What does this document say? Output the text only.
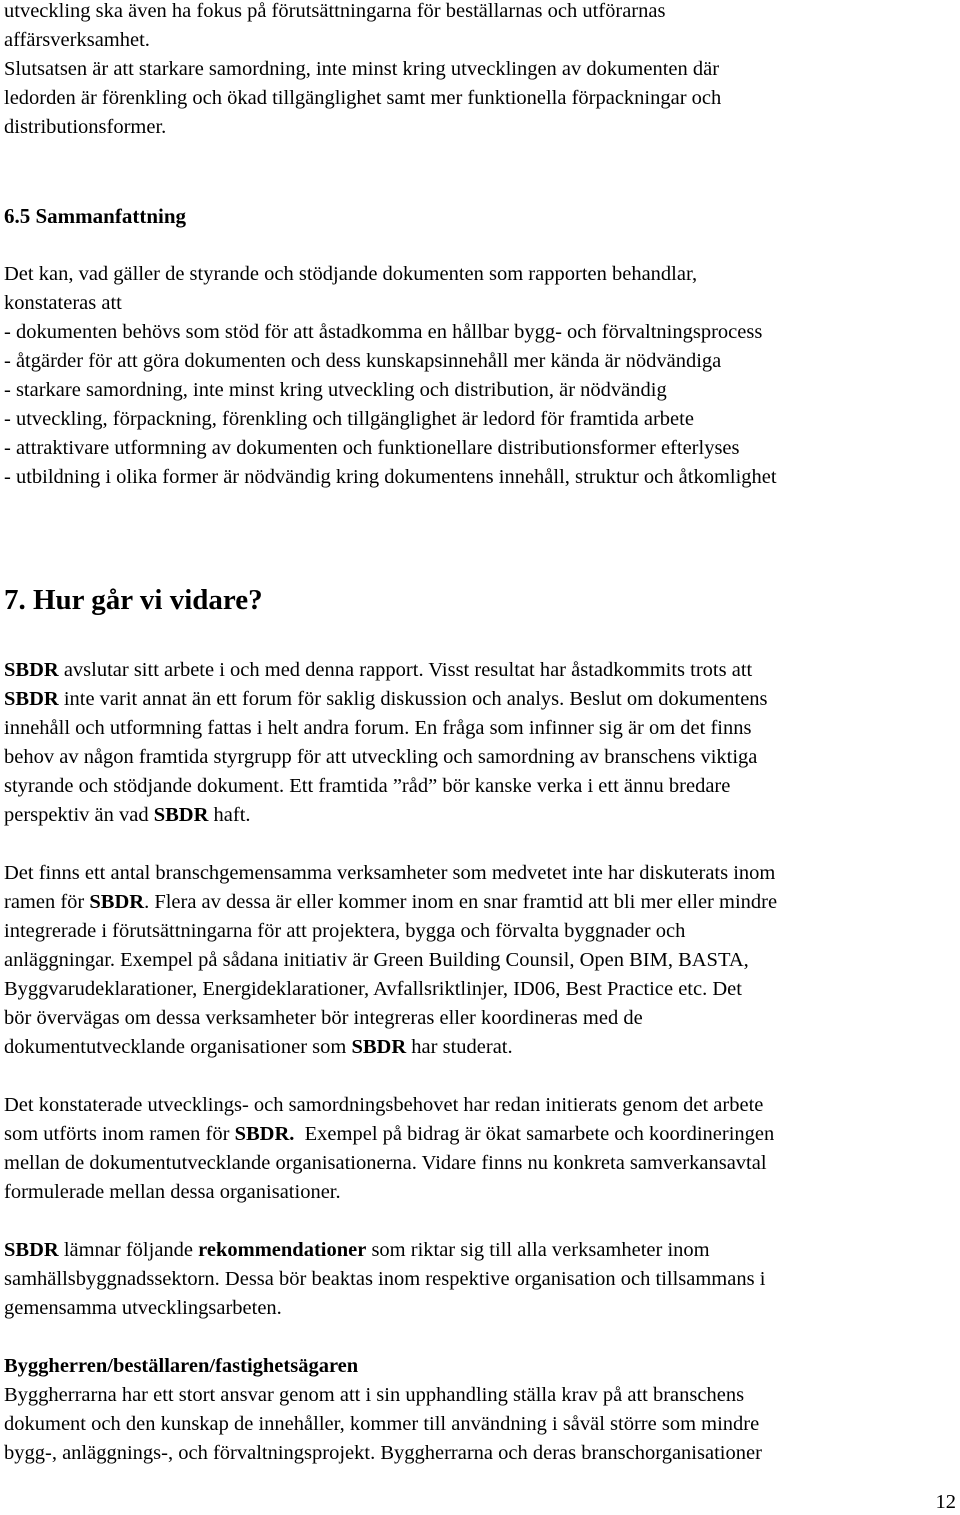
utveckling ska även ha fokus på förutsättningarna för beställarnas och utförarnas
affärsverksamhet.
Slutsatsen är att starkare samordning, inte minst kring utvecklingen av dokumenten där
ledorden är förenkling och ökad tillgänglighet samt mer funktionella förpackningar och
distributionsformer.

6.5 Sammanfattning

Det kan, vad gäller de styrande och stödjande dokumenten som rapporten behandlar,
konstateras att

- dokumenten behövs som stöd för att åstadkomma en hållbar bygg- och förvaltningsprocess
- åtgärder för att göra dokumenten och dess kunskapsinnehåll mer kända är nödvändiga
- starkare samordning, inte minst kring utveckling och distribution, är nödvändig
- utveckling, förpackning, förenkling och tillgänglighet är ledord för framtida arbete
- attraktivare utformning av dokumenten och funktionellare distributionsformer efterlyses
- utbildning i olika former är nödvändig kring dokumentens innehåll, struktur och åtkomlighet
7. Hur går vi vidare?

SBDR avslutar sitt arbete i och med denna rapport. Visst resultat har åstadkommits trots att
SBDR inte varit annat än ett forum för saklig diskussion och analys. Beslut om dokumentens
innehåll och utformning fattas i helt andra forum. En fråga som infinner sig är om det finns
behov av någon framtida styrgrupp för att utveckling och samordning av branschens viktiga
styrande och stödjande dokument. Ett framtida ”råd” bör kanske verka i ett ännu bredare
perspektiv än vad SBDR haft.

Det finns ett antal branschgemensamma verksamheter som medvetet inte har diskuterats inom
ramen för SBDR. Flera av dessa är eller kommer inom en snar framtid att bli mer eller mindre
integrerade i förutsättningarna för att projektera, bygga och förvalta byggnader och
anläggningar. Exempel på sådana initiativ är Green Building Counsil, Open BIM, BASTA,
Byggvarudeklarationer, Energideklarationer, Avfallsriktlinjer, ID06, Best Practice etc. Det
bör övervägas om dessa verksamheter bör integreras eller koordineras med de
dokumentutvecklande organisationer som SBDR har studerat.

Det konstaterade utvecklings- och samordningsbehovet har redan initierats genom det arbete
som utförts inom ramen för SBDR.  Exempel på bidrag är ökat samarbete och koordineringen
mellan de dokumentutvecklande organisationerna. Vidare finns nu konkreta samverkansavtal
formulerade mellan dessa organisationer.

SBDR lämnar följande rekommendationer som riktar sig till alla verksamheter inom
samhällsbyggnadssektorn. Dessa bör beaktas inom respektive organisation och tillsammans i
gemensamma utvecklingsarbeten.

Byggherren/beställaren/fastighetsägaren

Byggherrarna har ett stort ansvar genom att i sin upphandling ställa krav på att branschens
dokument och den kunskap de innehåller, kommer till användning i såväl större som mindre
bygg-, anläggnings-, och förvaltningsprojekt. Byggherrarna och deras branschorganisationer

12
